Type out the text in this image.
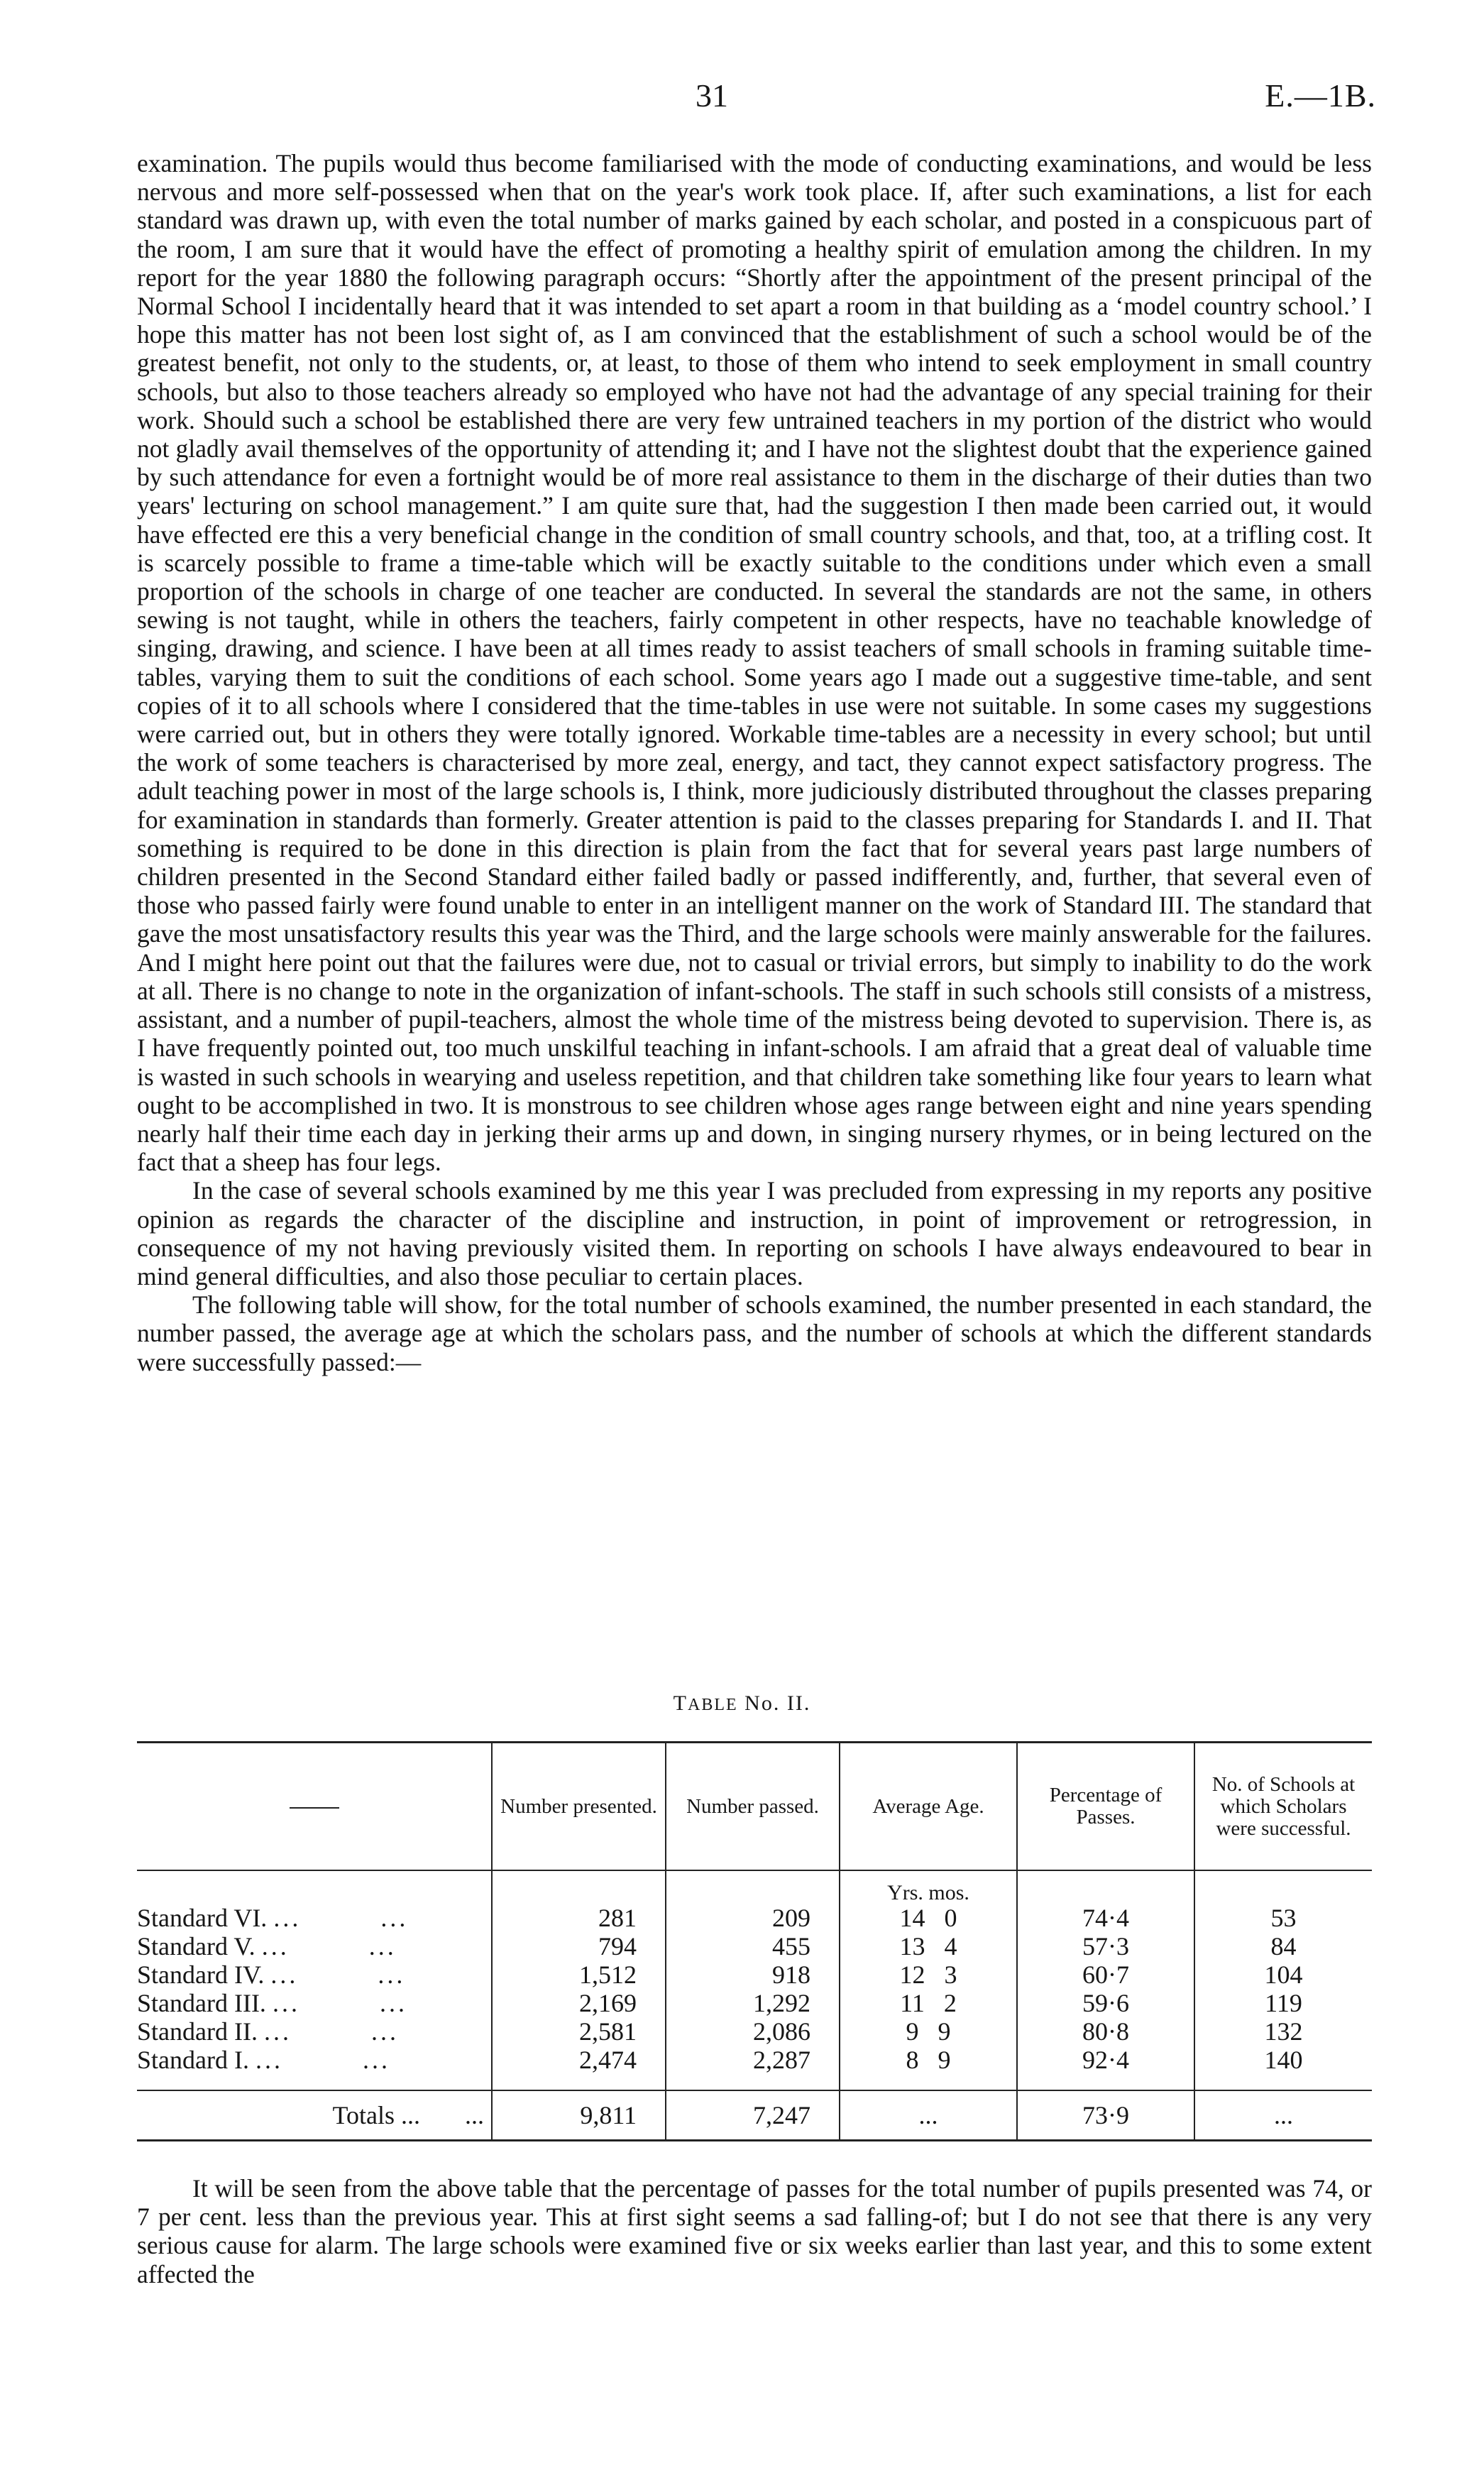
31	E.—1B.

examination. The pupils would thus become familiarised with the mode of conducting examinations, and would be less nervous and more self-possessed when that on the year's work took place. If, after such examinations, a list for each standard was drawn up, with even the total number of marks gained by each scholar, and posted in a conspicuous part of the room, I am sure that it would have the effect of promoting a healthy spirit of emulation among the children. In my report for the year 1880 the following paragraph occurs: “Shortly after the appointment of the present principal of the Normal School I incidentally heard that it was intended to set apart a room in that building as a ‘model country school.’ I hope this matter has not been lost sight of, as I am convinced that the establishment of such a school would be of the greatest benefit, not only to the students, or, at least, to those of them who intend to seek employment in small country schools, but also to those teachers already so employed who have not had the advantage of any special training for their work. Should such a school be established there are very few untrained teachers in my portion of the district who would not gladly avail themselves of the opportunity of attending it; and I have not the slightest doubt that the experience gained by such attendance for even a fortnight would be of more real assistance to them in the discharge of their duties than two years' lecturing on school management.” I am quite sure that, had the suggestion I then made been carried out, it would have effected ere this a very beneficial change in the condition of small country schools, and that, too, at a trifling cost. It is scarcely possible to frame a time-table which will be exactly suitable to the conditions under which even a small proportion of the schools in charge of one teacher are conducted. In several the standards are not the same, in others sewing is not taught, while in others the teachers, fairly competent in other respects, have no teachable knowledge of singing, drawing, and science. I have been at all times ready to assist teachers of small schools in framing suitable time-tables, varying them to suit the conditions of each school. Some years ago I made out a suggestive time-table, and sent copies of it to all schools where I considered that the time-tables in use were not suitable. In some cases my suggestions were carried out, but in others they were totally ignored. Workable time-tables are a necessity in every school; but until the work of some teachers is characterised by more zeal, energy, and tact, they cannot expect satisfactory progress. The adult teaching power in most of the large schools is, I think, more judiciously distributed throughout the classes preparing for examination in standards than formerly. Greater attention is paid to the classes preparing for Standards I. and II. That something is required to be done in this direction is plain from the fact that for several years past large numbers of children presented in the Second Standard either failed badly or passed indifferently, and, further, that several even of those who passed fairly were found unable to enter in an intelligent manner on the work of Standard III. The standard that gave the most unsatisfactory results this year was the Third, and the large schools were mainly answerable for the failures. And I might here point out that the failures were due, not to casual or trivial errors, but simply to inability to do the work at all. There is no change to note in the organization of infant-schools. The staff in such schools still consists of a mistress, assistant, and a number of pupil-teachers, almost the whole time of the mistress being devoted to supervision. There is, as I have frequently pointed out, too much unskilful teaching in infant-schools. I am afraid that a great deal of valuable time is wasted in such schools in wearying and useless repetition, and that children take something like four years to learn what ought to be accomplished in two. It is monstrous to see children whose ages range between eight and nine years spending nearly half their time each day in jerking their arms up and down, in singing nursery rhymes, or in being lectured on the fact that a sheep has four legs.

In the case of several schools examined by me this year I was precluded from expressing in my reports any positive opinion as regards the character of the discipline and instruction, in point of improvement or retrogression, in consequence of my not having previously visited them. In reporting on schools I have always endeavoured to bear in mind general difficulties, and also those peculiar to certain places.

The following table will show, for the total number of schools examined, the number presented in each standard, the number passed, the average age at which the scholars pass, and the number of schools at which the different standards were successfully passed:—

TABLE No. II.
	Number presented.	Number passed.	Average Age.	Percentage of Passes.	No. of Schools at which Scholars were successful.
			Yrs. mos.		
Standard VI. ... ...	281	209	14 0	74·4	53
Standard V. ... ...	794	455	13 4	57·3	84
Standard IV. ... ...	1,512	918	12 3	60·7	104
Standard III. ... ...	2,169	1,292	11 2	59·6	119
Standard II. ... ...	2,581	2,086	9 9	80·8	132
Standard I. ... ...	2,474	2,287	8 9	92·4	140
Totals ... ...	9,811	7,247	...	73·9	...

It will be seen from the above table that the percentage of passes for the total number of pupils presented was 74, or 7 per cent. less than the previous year. This at first sight seems a sad falling-of; but I do not see that there is any very serious cause for alarm. The large schools were examined five or six weeks earlier than last year, and this to some extent affected the
